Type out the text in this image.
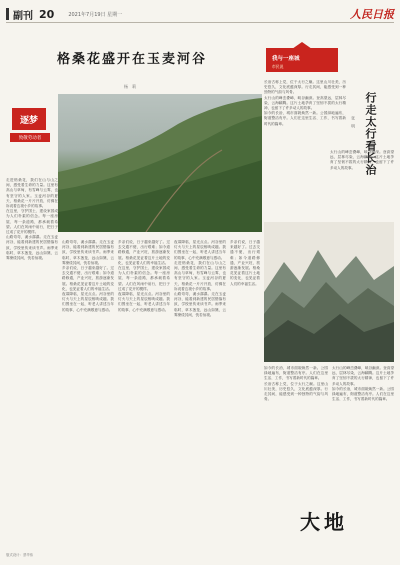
副刊 20	2021年7月19日 星期一	人民日报
格桑花盛开在玉麦河谷
杨　莉
逐梦
致敬劳动者
走进格桑花，我们在山与山之间，感受着生命的力量。这里有高山与草甸，有雪峰与云雾，也有坚守的人家。玉麦河谷的夏天，格桑花一片片开放，仿佛在诉说着边境小乡的故事。
在这里，守护国土、建设家园成为人们朴素的信念。每一座房屋、每一条道路，都承载着希望。人们在风雨中前行，把日子过成了花开的模样。
山路弯弯，溪水潺潺。走在玉麦河谷，能看到新建的民居错落有致，学校里传来读书声。雨季来临时，草木葱茏，远山如黛，云雾缭绕其间，恍若仙境。
山路弯弯，溪水潺潺。走在玉麦河谷，能看到新建的民居错落有致，学校里传来读书声。雨季来临时，草木葱茏，远山如黛，云雾缭绕其间，恍若仙境。
乡亲们说，日子越来越好了。过去交通不便，出行艰难；如今道路修通，产业兴旺，旅游逐渐发展。格桑花见证着这片土地的变化，也见证着人们的幸福生活。
夜幕降临，星光点点。河谷里的灯火与天上的星辰相映成趣。我们围坐在一起，听老人讲述当年的故事，心中充满敬意与感动。
乡亲们说，日子越来越好了。过去交通不便，出行艰难；如今道路修通，产业兴旺，旅游逐渐发展。格桑花见证着这片土地的变化，也见证着人们的幸福生活。
在这里，守护国土、建设家园成为人们朴素的信念。每一座房屋、每一条道路，都承载着希望。人们在风雨中前行，把日子过成了花开的模样。
夜幕降临，星光点点。河谷里的灯火与天上的星辰相映成趣。我们围坐在一起，听老人讲述当年的故事，心中充满敬意与感动。
夜幕降临，星光点点。河谷里的灯火与天上的星辰相映成趣。我们围坐在一起，听老人讲述当年的故事，心中充满敬意与感动。
走进格桑花，我们在山与山之间，感受着生命的力量。这里有高山与草甸，有雪峰与云雾，也有坚守的人家。玉麦河谷的夏天，格桑花一片片开放，仿佛在诉说着边境小乡的故事。
山路弯弯，溪水潺潺。走在玉麦河谷，能看到新建的民居错落有致，学校里传来读书声。雨季来临时，草木葱茏，远山如黛，云雾缭绕其间，恍若仙境。
乡亲们说，日子越来越好了。过去交通不便，出行艰难；如今道路修通，产业兴旺，旅游逐渐发展。格桑花见证着这片土地的变化，也见证着人们的幸福生活。
我与一座城
市民说
行走太行看长治
张　明
长治古称上党，位于太行之巅。这里山川壮美，历史悠久，文化底蕴深厚。行走其间，能感受到一种独特的气韵与风骨。
太行山的峰峦叠嶂，峡谷幽深。登高望远，层林尽染，云海翻腾。这片土地孕育了坚韧不拔的太行精神，也留下了许多动人的故事。
如今的长治，城市面貌焕然一新。公园绿地遍布，街道整洁有序。人们在这里生活、工作，书写着新时代的篇章。
太行山的峰峦叠嶂，峡谷幽深。登高望远，层林尽染，云海翻腾。这片土地孕育了坚韧不拔的太行精神，也留下了许多动人的故事。
如今的长治，城市面貌焕然一新。公园绿地遍布，街道整洁有序。人们在这里生活、工作，书写着新时代的篇章。
长治古称上党，位于太行之巅。这里山川壮美，历史悠久，文化底蕴深厚。行走其间，能感受到一种独特的气韵与风骨。
太行山的峰峦叠嶂，峡谷幽深。登高望远，层林尽染，云海翻腾。这片土地孕育了坚韧不拔的太行精神，也留下了许多动人的故事。
如今的长治，城市面貌焕然一新。公园绿地遍布，街道整洁有序。人们在这里生活、工作，书写着新时代的篇章。
大地
版式设计：蔡华伟
